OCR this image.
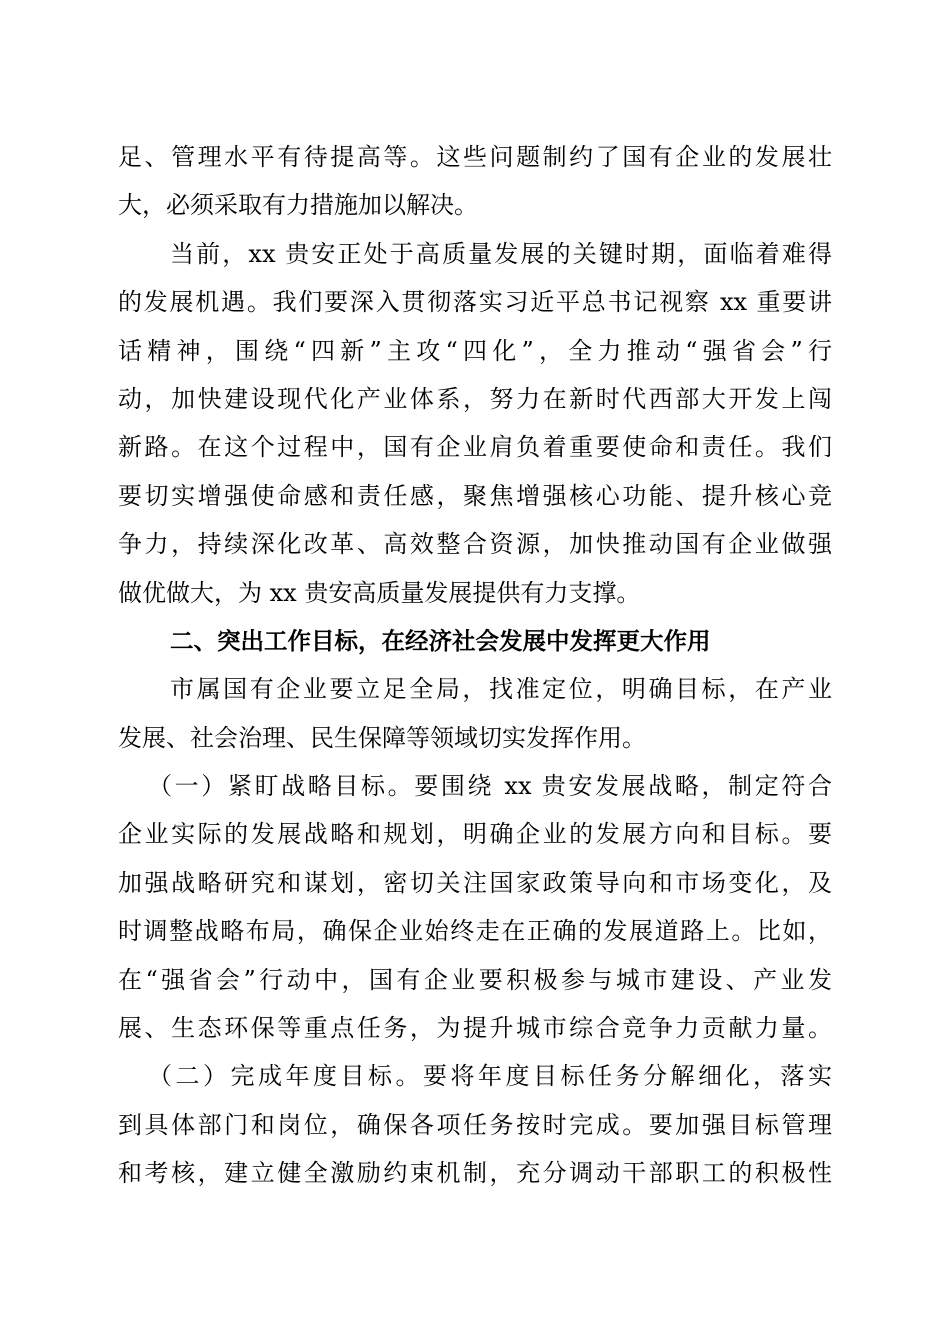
足、管理水平有待提高等。这些问题制约了国有企业的发展壮
大，必须采取有力措施加以解决。
当前，xx 贵安正处于高质量发展的关键时期，面临着难得
的发展机遇。我们要深入贯彻落实习近平总书记视察 xx 重要讲
话精神，围绕“四新”主攻“四化”，全力推动“强省会”行
动，加快建设现代化产业体系，努力在新时代西部大开发上闯
新路。在这个过程中，国有企业肩负着重要使命和责任。我们
要切实增强使命感和责任感，聚焦增强核心功能、提升核心竞
争力，持续深化改革、高效整合资源，加快推动国有企业做强
做优做大，为 xx 贵安高质量发展提供有力支撑。
二、突出工作目标，在经济社会发展中发挥更大作用
市属国有企业要立足全局，找准定位，明确目标，在产业
发展、社会治理、民生保障等领域切实发挥作用。
（一）紧盯战略目标。要围绕 xx 贵安发展战略，制定符合
企业实际的发展战略和规划，明确企业的发展方向和目标。要
加强战略研究和谋划，密切关注国家政策导向和市场变化，及
时调整战略布局，确保企业始终走在正确的发展道路上。比如，
在“强省会”行动中，国有企业要积极参与城市建设、产业发
展、生态环保等重点任务，为提升城市综合竞争力贡献力量。
（二）完成年度目标。要将年度目标任务分解细化，落实
到具体部门和岗位，确保各项任务按时完成。要加强目标管理
和考核，建立健全激励约束机制，充分调动干部职工的积极性
